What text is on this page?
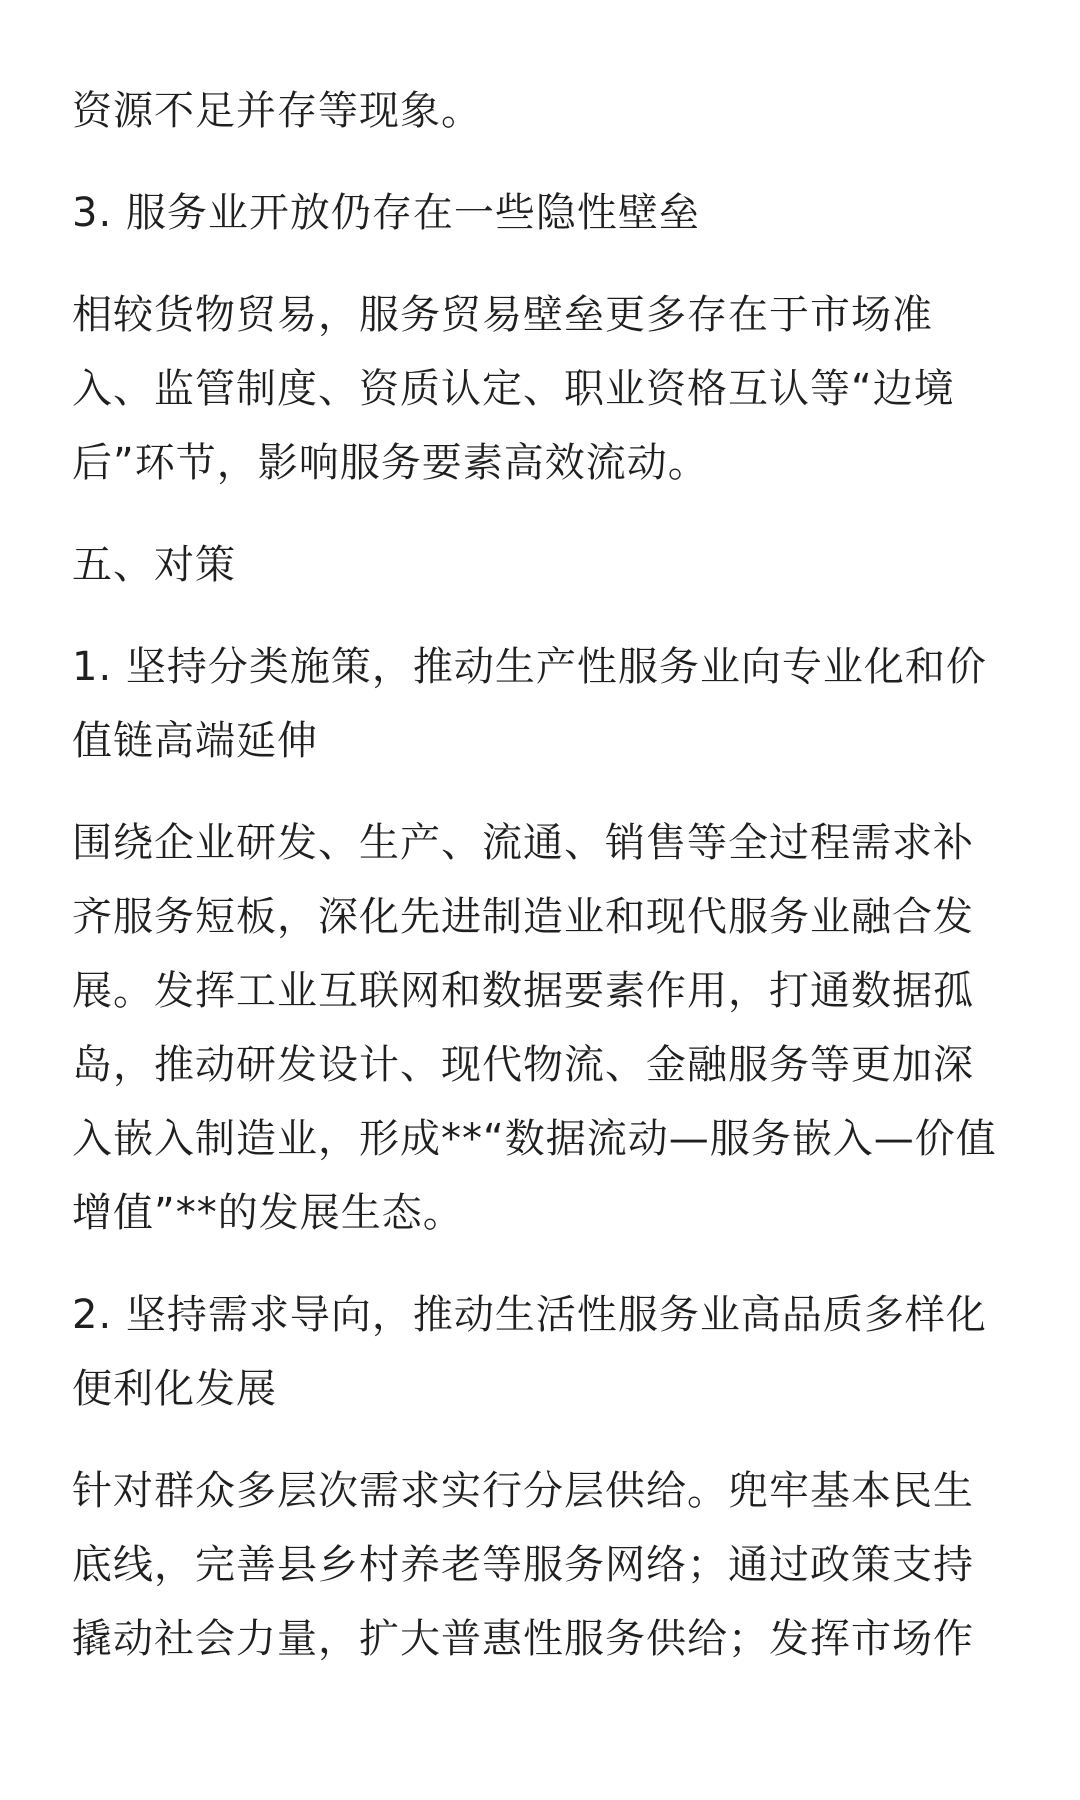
资源不足并存等现象。

3. 服务业开放仍存在一些隐性壁垒

相较货物贸易，服务贸易壁垒更多存在于市场准入、监管制度、资质认定、职业资格互认等“边境后”环节，影响服务要素高效流动。

五、对策

1. 坚持分类施策，推动生产性服务业向专业化和价值链高端延伸

围绕企业研发、生产、流通、销售等全过程需求补齐服务短板，深化先进制造业和现代服务业融合发展。发挥工业互联网和数据要素作用，打通数据孤岛，推动研发设计、现代物流、金融服务等更加深入嵌入制造业，形成**“数据流动—服务嵌入—价值增值”**的发展生态。

2. 坚持需求导向，推动生活性服务业高品质多样化便利化发展

针对群众多层次需求实行分层供给。兜牢基本民生底线，完善县乡村养老等服务网络；通过政策支持撬动社会力量，扩大普惠性服务供给；发挥市场作
